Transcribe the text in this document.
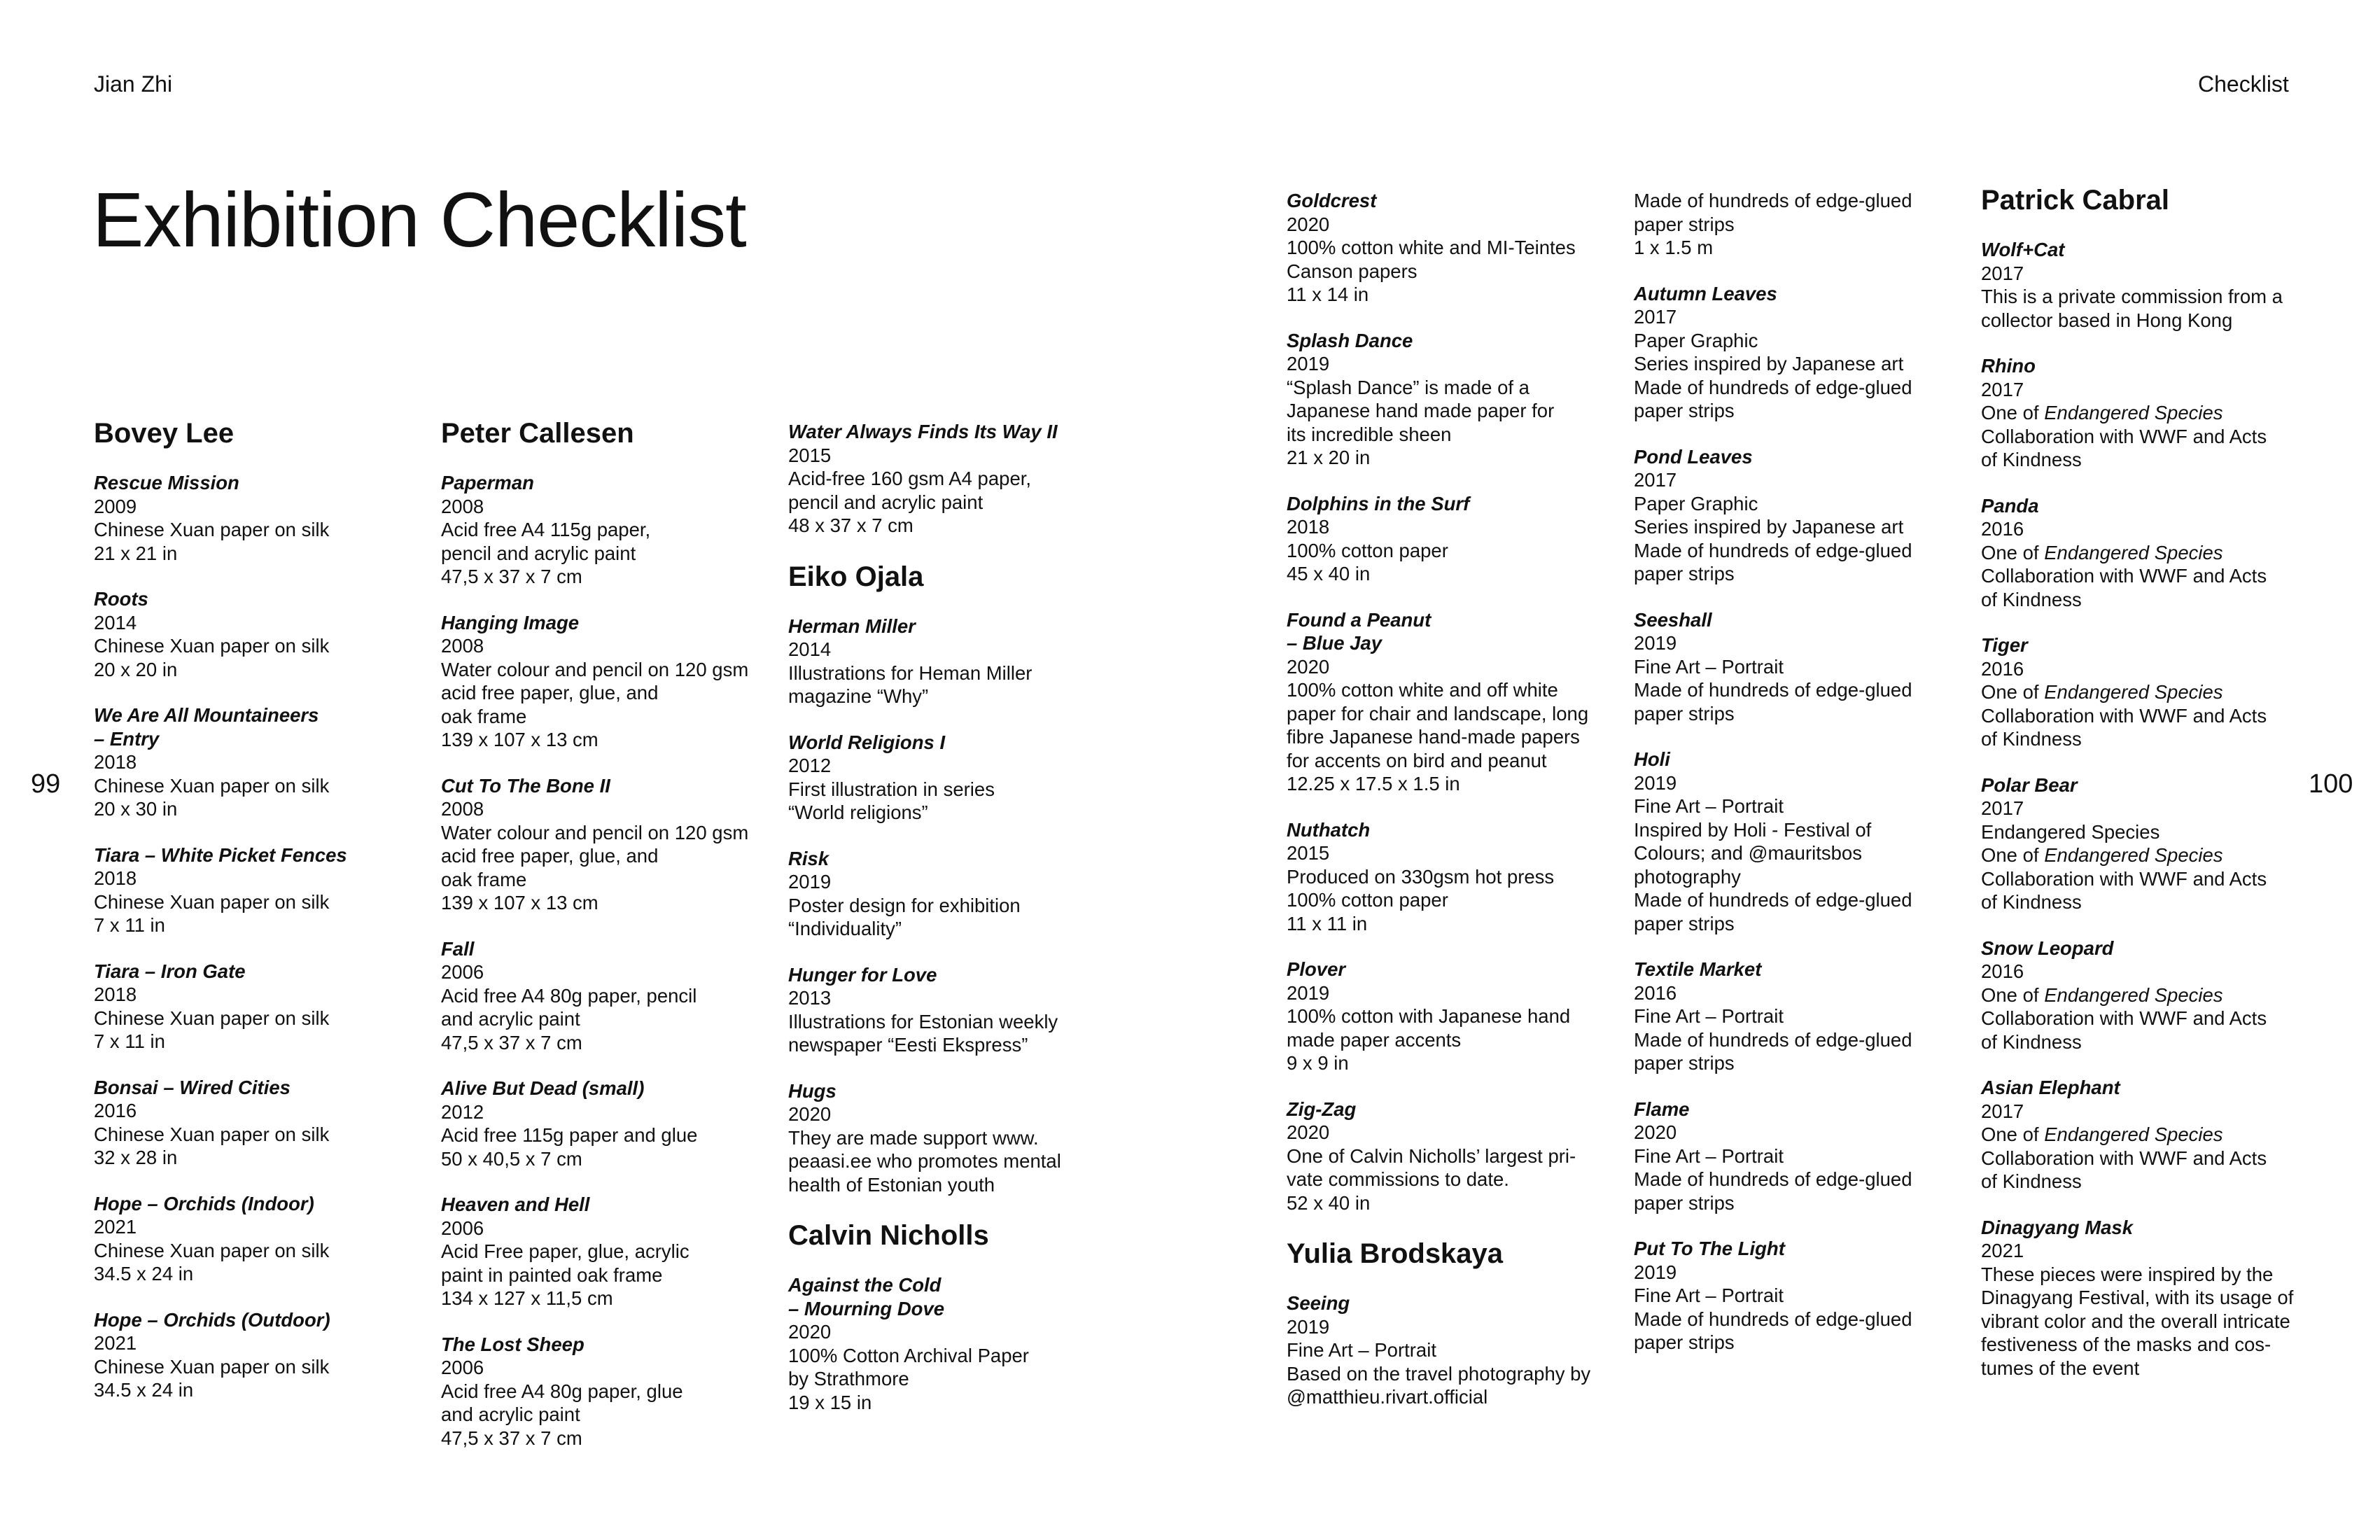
Jian Zhi	Checklist
Exhibition Checklist
99	100
Bovey Lee
Rescue Mission
2009
Chinese Xuan paper on silk
21 x 21 in
Roots
2014
Chinese Xuan paper on silk
20 x 20 in
We Are All Mountaineers
– Entry
2018
Chinese Xuan paper on silk
20 x 30 in
Tiara – White Picket Fences
2018
Chinese Xuan paper on silk
7 x 11 in
Tiara – Iron Gate
2018
Chinese Xuan paper on silk
7 x 11 in
Bonsai – Wired Cities
2016
Chinese Xuan paper on silk
32 x 28 in
Hope – Orchids (Indoor)
2021
Chinese Xuan paper on silk
34.5 x 24 in
Hope – Orchids (Outdoor)
2021
Chinese Xuan paper on silk
34.5 x 24 in
Peter Callesen
Paperman
2008
Acid free A4 115g paper,
pencil and acrylic paint
47,5 x 37 x 7 cm
Hanging Image
2008
Water colour and pencil on 120 gsm
acid free paper, glue, and
oak frame
139 x 107 x 13 cm
Cut To The Bone II
2008
Water colour and pencil on 120 gsm
acid free paper, glue, and
oak frame
139 x 107 x 13 cm
Fall
2006
Acid free A4 80g paper, pencil
and acrylic paint
47,5 x 37 x 7 cm
Alive But Dead (small)
2012
Acid free 115g paper and glue
50 x 40,5 x 7 cm
Heaven and Hell
2006
Acid Free paper, glue, acrylic
paint in painted oak frame
134 x 127 x 11,5 cm
The Lost Sheep
2006
Acid free A4 80g paper, glue
and acrylic paint
47,5 x 37 x 7 cm
Water Always Finds Its Way II
2015
Acid-free 160 gsm A4 paper,
pencil and acrylic paint
48 x 37 x 7 cm
Eiko Ojala
Herman Miller
2014
Illustrations for Heman Miller
magazine “Why”
World Religions I
2012
First illustration in series
“World religions”
Risk
2019
Poster design for exhibition
“Individuality”
Hunger for Love
2013
Illustrations for Estonian weekly
newspaper “Eesti Ekspress”
Hugs
2020
They are made support www.
peaasi.ee who promotes mental
health of Estonian youth
Calvin Nicholls
Against the Cold
– Mourning Dove
2020
100% Cotton Archival Paper
by Strathmore
19 x 15 in
Goldcrest
2020
100% cotton white and MI-Teintes
Canson papers
11 x 14 in
Splash Dance
2019
“Splash Dance” is made of a
Japanese hand made paper for
its incredible sheen
21 x 20 in
Dolphins in the Surf
2018
100% cotton paper
45 x 40 in
Found a Peanut
– Blue Jay
2020
100% cotton white and off white
paper for chair and landscape, long
fibre Japanese hand-made papers
for accents on bird and peanut
12.25 x 17.5 x 1.5 in
Nuthatch
2015
Produced on 330gsm hot press
100% cotton paper
11 x 11 in
Plover
2019
100% cotton with Japanese hand
made paper accents
9 x 9 in
Zig-Zag
2020
One of Calvin Nicholls’ largest pri-
vate commissions to date.
52 x 40 in
Yulia Brodskaya
Seeing
2019
Fine Art – Portrait
Based on the travel photography by
@matthieu.rivart.official
Made of hundreds of edge-glued
paper strips
1 x 1.5 m
Autumn Leaves
2017
Paper Graphic
Series inspired by Japanese art
Made of hundreds of edge-glued
paper strips
Pond Leaves
2017
Paper Graphic
Series inspired by Japanese art
Made of hundreds of edge-glued
paper strips
Seeshall
2019
Fine Art – Portrait
Made of hundreds of edge-glued
paper strips
Holi
2019
Fine Art – Portrait
Inspired by Holi - Festival of
Colours; and @mauritsbos
photography
Made of hundreds of edge-glued
paper strips
Textile Market
2016
Fine Art – Portrait
Made of hundreds of edge-glued
paper strips
Flame
2020
Fine Art – Portrait
Made of hundreds of edge-glued
paper strips
Put To The Light
2019
Fine Art – Portrait
Made of hundreds of edge-glued
paper strips
Patrick Cabral
Wolf+Cat
2017
This is a private commission from a
collector based in Hong Kong
Rhino
2017
One of Endangered Species
Collaboration with WWF and Acts
of Kindness
Panda
2016
One of Endangered Species
Collaboration with WWF and Acts
of Kindness
Tiger
2016
One of Endangered Species
Collaboration with WWF and Acts
of Kindness
Polar Bear
2017
Endangered Species
One of Endangered Species
Collaboration with WWF and Acts
of Kindness
Snow Leopard
2016
One of Endangered Species
Collaboration with WWF and Acts
of Kindness
Asian Elephant
2017
One of Endangered Species
Collaboration with WWF and Acts
of Kindness
Dinagyang Mask
2021
These pieces were inspired by the
Dinagyang Festival, with its usage of
vibrant color and the overall intricate
festiveness of the masks and cos-
tumes of the event
